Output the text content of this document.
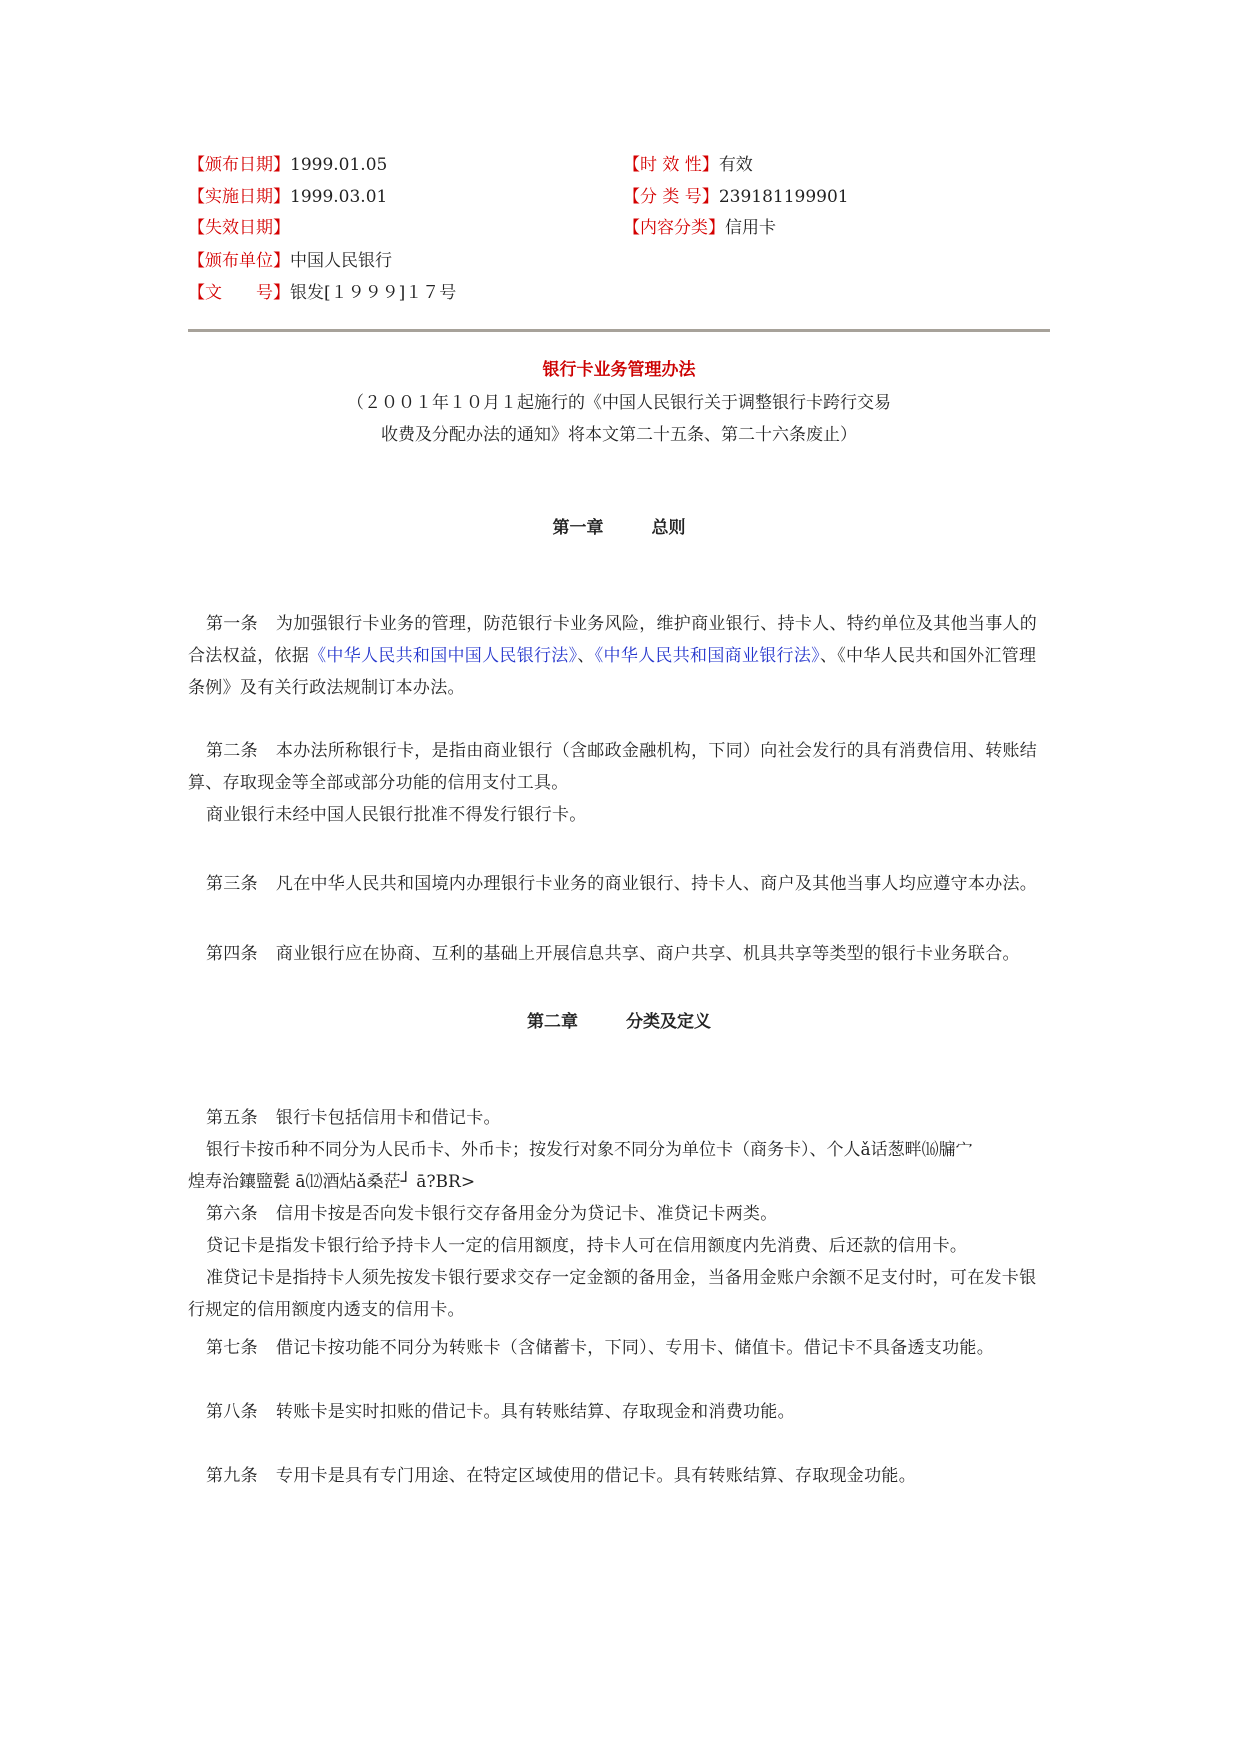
【颁布日期】1999.01.05
【实施日期】1999.03.01
【失效日期】
【颁布单位】中国人民银行
【文　　号】银发[１９９９]１７号
【时 效 性】有效
【分 类 号】239181199901
【内容分类】信用卡
银行卡业务管理办法
（２００１年１０月１起施行的《中国人民银行关于调整银行卡跨行交易
收费及分配办法的通知》将本文第二十五条、第二十六条废止）
第一章	总则
第一条 为加强银行卡业务的管理，防范银行卡业务风险，维护商业银行、持卡人、特约单位及其他当事人的合法权益，依据《中华人民共和国中国人民银行法》、《中华人民共和国商业银行法》、《中华人民共和国外汇管理条例》及有关行政法规制订本办法。
第二条 本办法所称银行卡，是指由商业银行（含邮政金融机构，下同）向社会发行的具有消费信用、转账结算、存取现金等全部或部分功能的信用支付工具。
商业银行未经中国人民银行批准不得发行银行卡。
第三条 凡在中华人民共和国境内办理银行卡业务的商业银行、持卡人、商户及其他当事人均应遵守本办法。
第四条 商业银行应在协商、互利的基础上开展信息共享、商户共享、机具共享等类型的银行卡业务联合。
第二章	分类及定义
第五条 银行卡包括信用卡和借记卡。
银行卡按币种不同分为人民币卡、外币卡；按发行对象不同分为单位卡（商务卡）、个人ǎ话葱畔⒃牖宀
煌寿治鑲盬甏 ā⑿酒炶ǎ桑茫┘ ā?BR>
第六条 信用卡按是否向发卡银行交存备用金分为贷记卡、准贷记卡两类。
贷记卡是指发卡银行给予持卡人一定的信用额度，持卡人可在信用额度内先消费、后还款的信用卡。
准贷记卡是指持卡人须先按发卡银行要求交存一定金额的备用金，当备用金账户余额不足支付时，可在发卡银行规定的信用额度内透支的信用卡。
第七条 借记卡按功能不同分为转账卡（含储蓄卡，下同）、专用卡、储值卡。借记卡不具备透支功能。
第八条 转账卡是实时扣账的借记卡。具有转账结算、存取现金和消费功能。
第九条 专用卡是具有专门用途、在特定区域使用的借记卡。具有转账结算、存取现金功能。
